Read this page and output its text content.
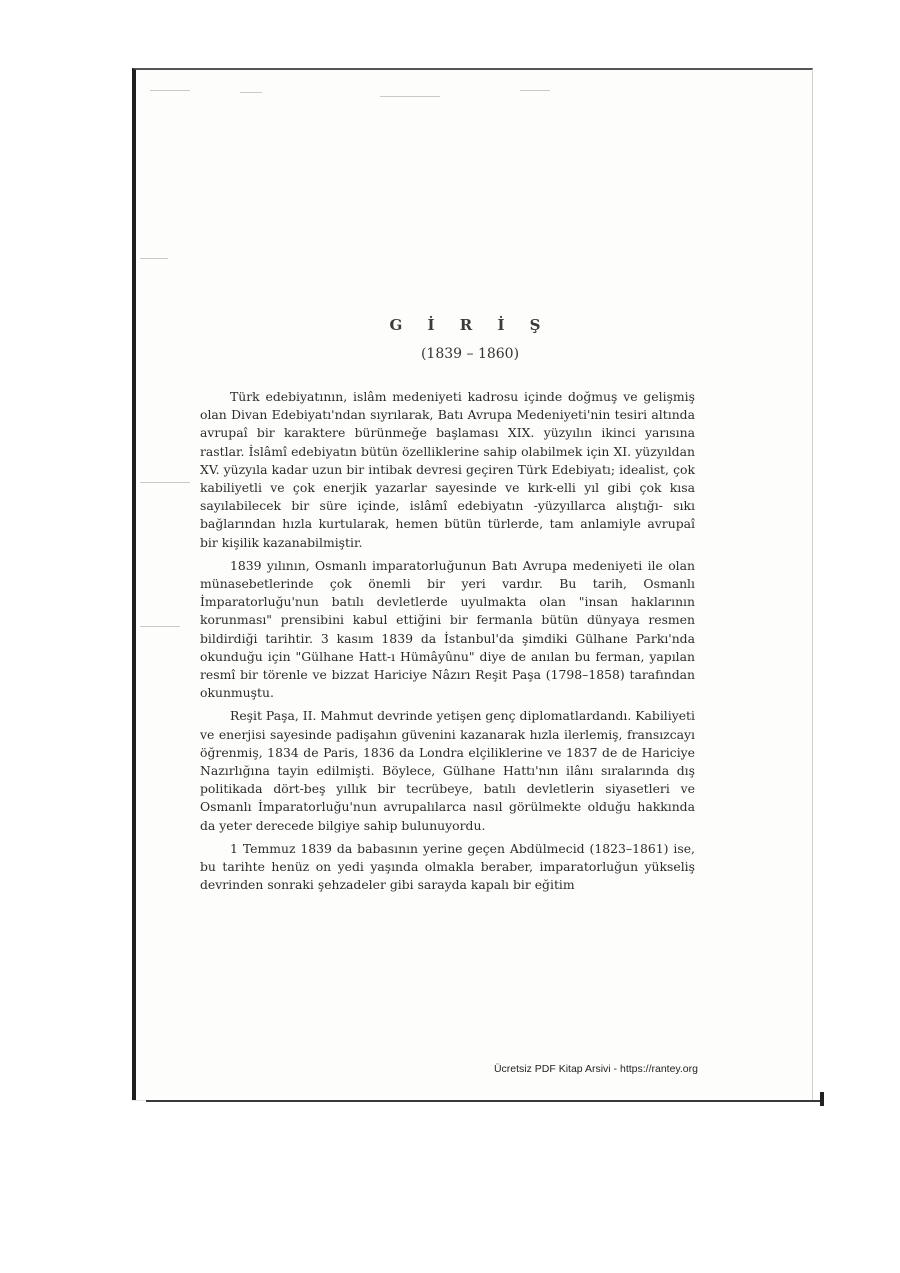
G İ R İ Ş
(1839 – 1860)

Türk edebiyatının, islâm medeniyeti kadrosu içinde doğmuş ve gelişmiş olan Divan Edebiyatı'ndan sıyrılarak, Batı Avrupa Medeniyeti'nin tesiri altında avrupaî bir karaktere bürünmeğe başlaması XIX. yüzyılın ikinci yarısına rastlar. İslâmî edebiyatın bütün özelliklerine sahip olabilmek için XI. yüzyıldan XV. yüzyıla kadar uzun bir intibak devresi geçiren Türk Edebiyatı; idealist, çok kabiliyetli ve çok enerjik yazarlar sayesinde ve kırk-elli yıl gibi çok kısa sayılabilecek bir süre içinde, islâmî edebiyatın -yüzyıllarca alıştığı- sıkı bağlarından hızla kurtularak, hemen bütün türlerde, tam anlamiyle avrupaî bir kişilik kazanabilmiştir.

1839 yılının, Osmanlı imparatorluğunun Batı Avrupa medeniyeti ile olan münasebetlerinde çok önemli bir yeri vardır. Bu tarih, Osmanlı İmparatorluğu'nun batılı devletlerde uyulmakta olan "insan haklarının korunması" prensibini kabul ettiğini bir fermanla bütün dünyaya resmen bildirdiği tarihtir. 3 kasım 1839 da İstanbul'da şimdiki Gülhane Parkı'nda okunduğu için "Gülhane Hatt-ı Hümâyûnu" diye de anılan bu ferman, yapılan resmî bir törenle ve bizzat Hariciye Nâzırı Reşit Paşa (1798–1858) tarafından okunmuştu.

Reşit Paşa, II. Mahmut devrinde yetişen genç diplomatlardandı. Kabiliyeti ve enerjisi sayesinde padişahın güvenini kazanarak hızla ilerlemiş, fransızcayı öğrenmiş, 1834 de Paris, 1836 da Londra elçiliklerine ve 1837 de de Hariciye Nazırlığına tayin edilmişti. Böylece, Gülhane Hattı'nın ilânı sıralarında dış politikada dört-beş yıllık bir tecrübeye, batılı devletlerin siyasetleri ve Osmanlı İmparatorluğu'nun avrupalılarca nasıl görülmekte olduğu hakkında da yeter derecede bilgiye sahip bulunuyordu.

1 Temmuz 1839 da babasının yerine geçen Abdülmecid (1823–1861) ise, bu tarihte henüz on yedi yaşında olmakla beraber, imparatorluğun yükseliş devrinden sonraki şehzadeler gibi sarayda kapalı bir eğitim

Ücretsiz PDF Kitap Arsivi - https://rantey.org
